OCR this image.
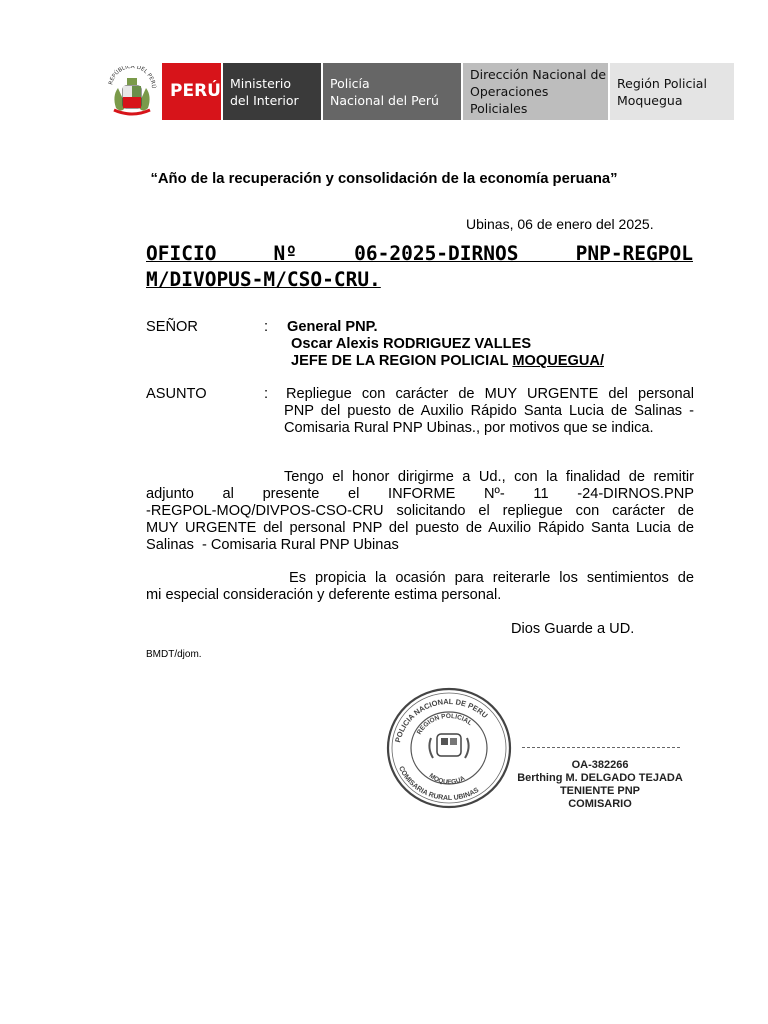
REPÚBLICA DEL PERÚ PERÚ Ministerio
del Interior
Policía
Nacional del Perú
Dirección Nacional de
Operaciones Policiales
Región Policial
Moquegua
“Año de la recuperación y consolidación de la economía peruana”
Ubinas, 06 de enero del 2025.
OFICIO Nº 06-2025-DIRNOS PNP-REGPOL
M/DIVOPUS-M/CSO-CRU.
SEÑOR	: General PNP.
Oscar Alexis RODRIGUEZ VALLES
JEFE DE LA REGION POLICIAL MOQUEGUA/
ASUNTO	: Repliegue con carácter de MUY URGENTE del personal
PNP del puesto de Auxilio Rápido Santa Lucia de Salinas -
Comisaria Rural PNP Ubinas., por motivos que se indica.
Tengo el honor dirigirme a Ud., con la finalidad de remitir
adjunto al presente el INFORME Nº- 11 -24-DIRNOS.PNP
-REGPOL-MOQ/DIVPOS-CSO-CRU solicitando el repliegue con carácter de
MUY URGENTE del personal PNP del puesto de Auxilio Rápido Santa Lucia de
Salinas  - Comisaria Rural PNP Ubinas
Es propicia la ocasión para reiterarle los sentimientos de
mi especial consideración y deferente estima personal.
Dios Guarde a UD.
BMDT/djom.
POLICIA NACIONAL DE PERU
REGION POLICIAL
MOQUEGUA
COMISARIA RURAL UBINAS
OA-382266
Berthing M. DELGADO TEJADA
TENIENTE PNP
COMISARIO
